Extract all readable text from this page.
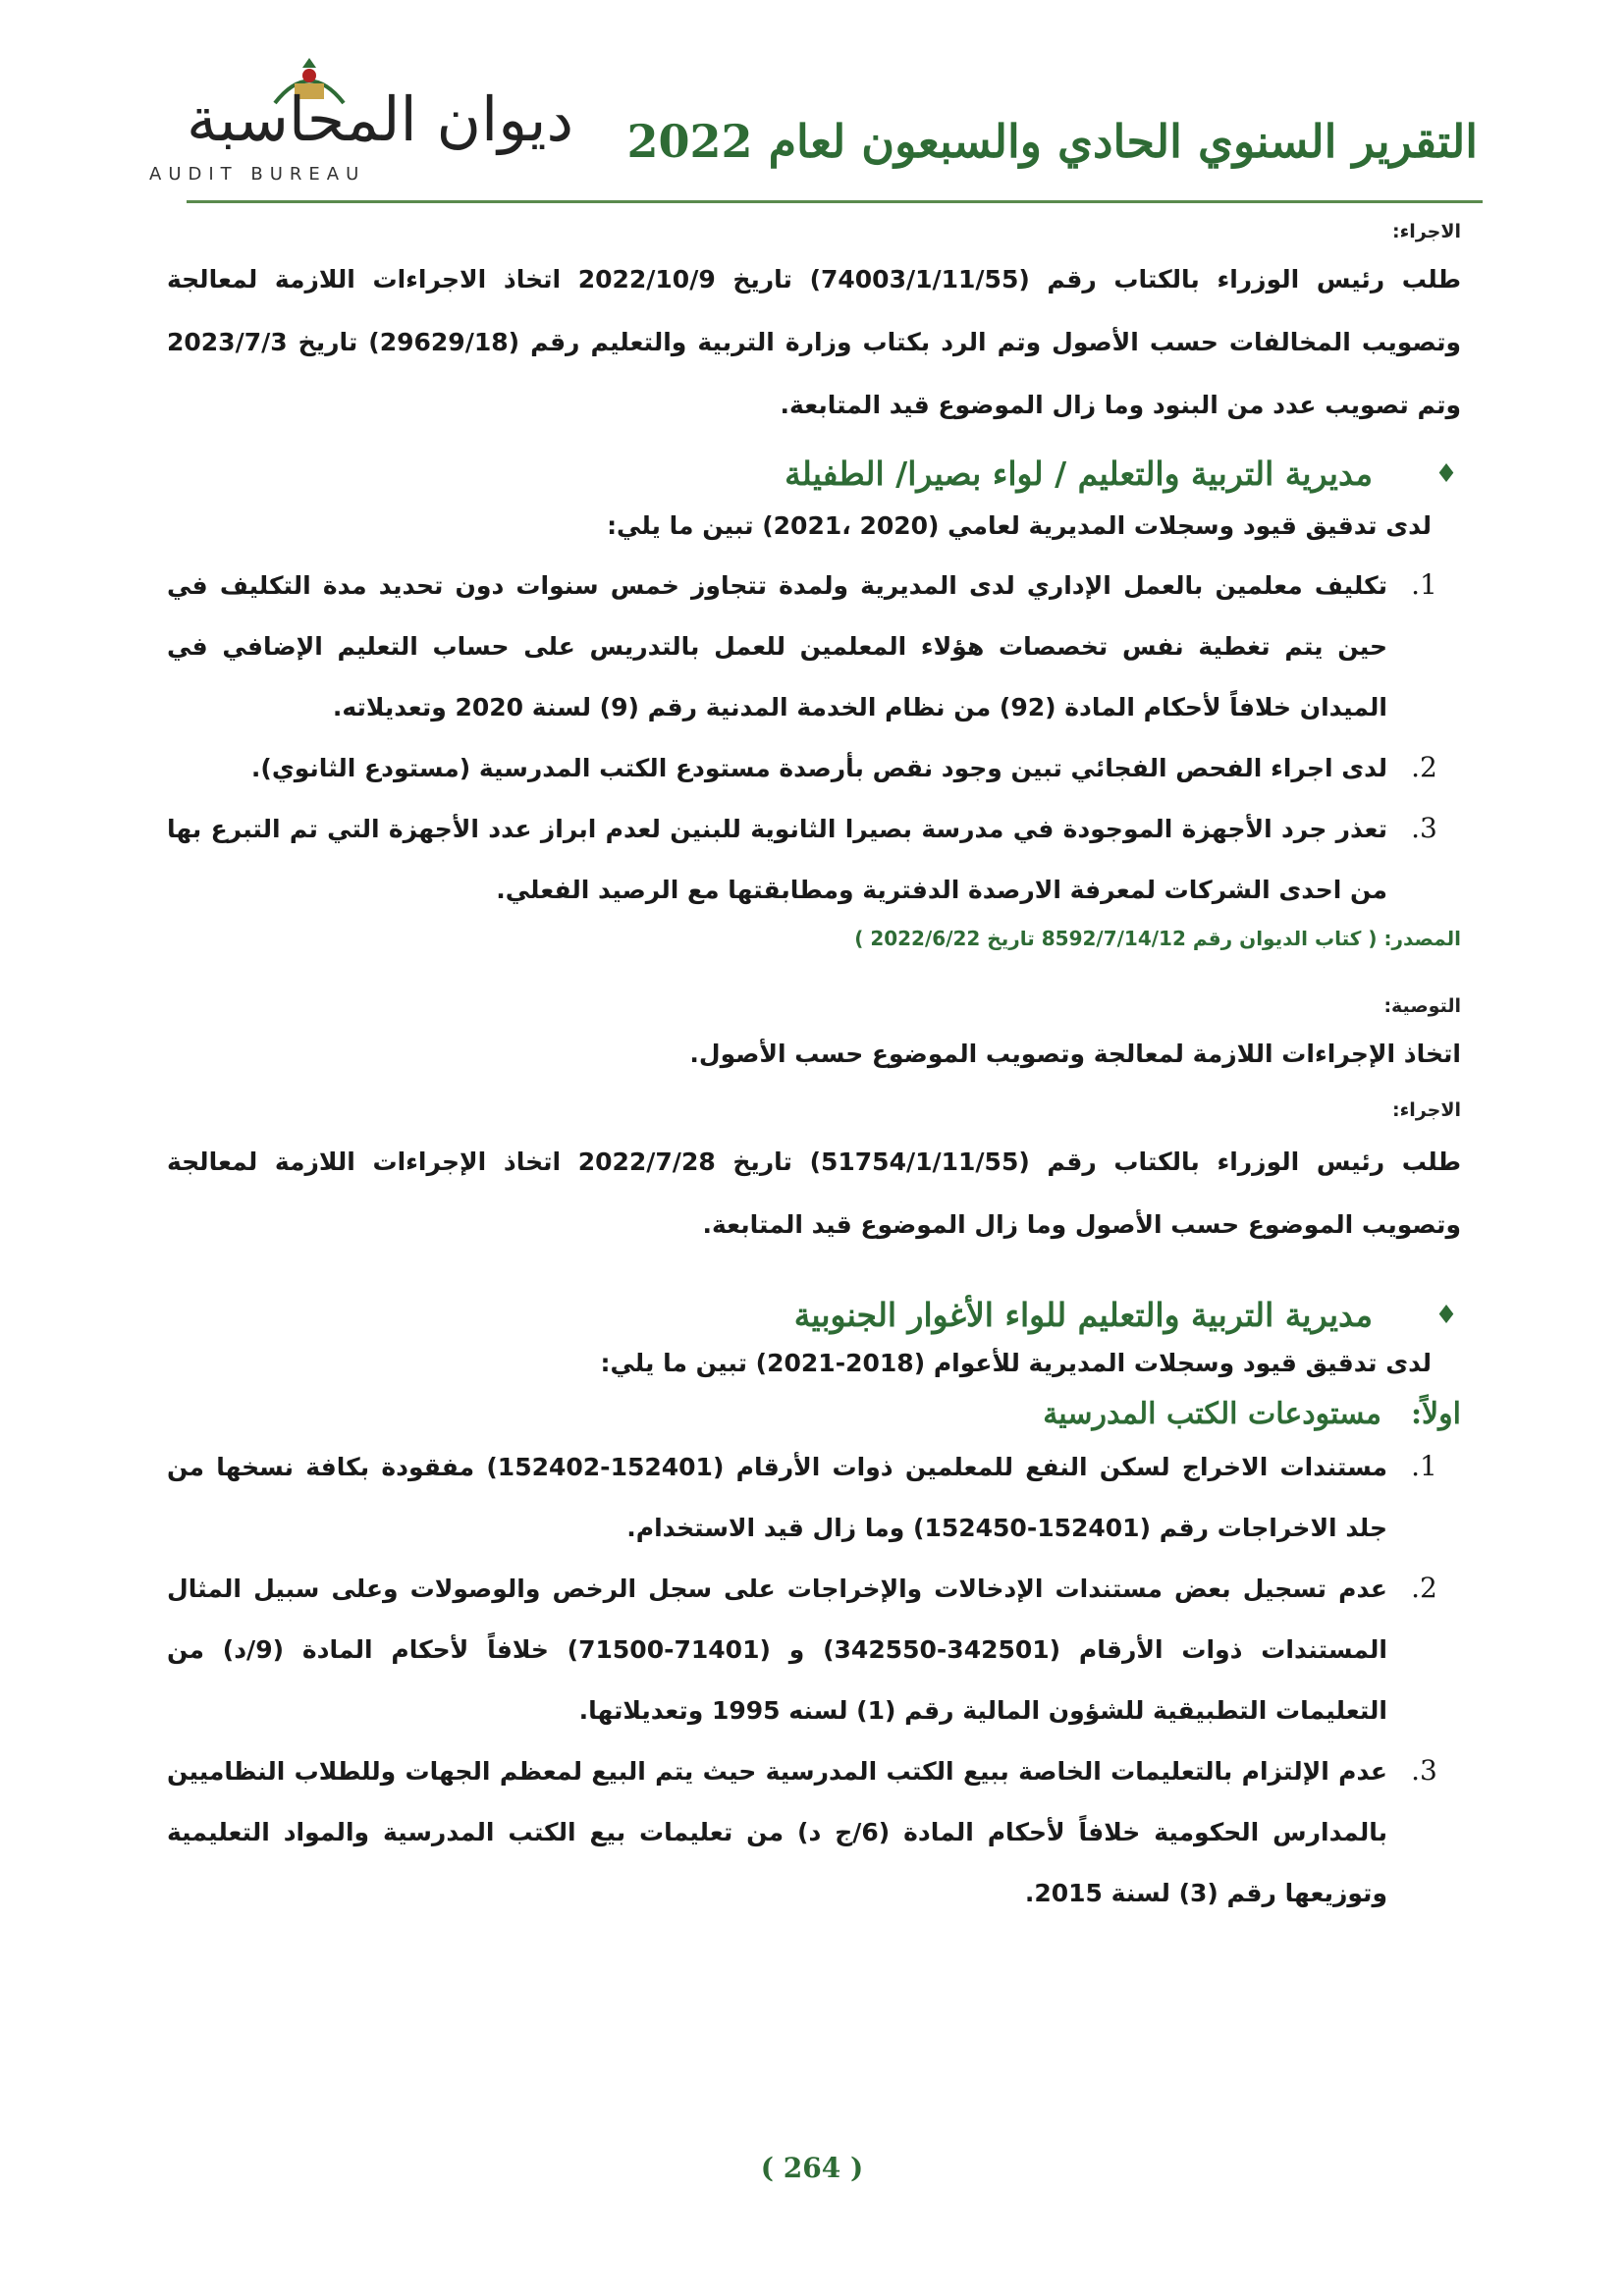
التقرير السنوي الحادي والسبعون لعام 2022
ديوان المحاسبة
AUDIT BUREAU

الاجراء:

طلب رئيس الوزراء بالكتاب رقم (74003/1/11/55) تاريخ 2022/10/9 اتخاذ الاجراءات اللازمة لمعالجة وتصويب المخالفات حسب الأصول وتم الرد بكتاب وزارة التربية والتعليم رقم (29629/18) تاريخ 2023/7/3 وتم تصويب عدد من البنود وما زال الموضوع قيد المتابعة.

♦
مديرية التربية والتعليم / لواء بصيرا/ الطفيلة

لدى تدقيق قيود وسجلات المديرية لعامي (2020 ،2021) تبين ما يلي:

1.
تكليف معلمين بالعمل الإداري لدى المديرية ولمدة تتجاوز خمس سنوات دون تحديد مدة التكليف في حين يتم تغطية نفس تخصصات هؤلاء المعلمين للعمل بالتدريس على حساب التعليم الإضافي في الميدان خلافاً لأحكام المادة (92) من نظام الخدمة المدنية رقم (9) لسنة 2020 وتعديلاته.
2.
لدى اجراء الفحص الفجائي تبين وجود نقص بأرصدة مستودع الكتب المدرسية (مستودع الثانوي).
3.
تعذر جرد الأجهزة الموجودة في مدرسة بصيرا الثانوية للبنين لعدم ابراز عدد الأجهزة التي تم التبرع بها من احدى الشركات لمعرفة الارصدة الدفترية ومطابقتها مع الرصيد الفعلي.

المصدر: ( كتاب الديوان رقم 8592/7/14/12 تاريخ 2022/6/22 )

التوصية:

اتخاذ الإجراءات اللازمة لمعالجة وتصويب الموضوع حسب الأصول.

الاجراء:

طلب رئيس الوزراء بالكتاب رقم (51754/1/11/55) تاريخ 2022/7/28 اتخاذ الإجراءات اللازمة لمعالجة وتصويب الموضوع حسب الأصول وما زال الموضوع قيد المتابعة.

♦
مديرية التربية والتعليم للواء الأغوار الجنوبية

لدى تدقيق قيود وسجلات المديرية للأعوام (2018-2021) تبين ما يلي:

اولاً:
مستودعات الكتب المدرسية
1.
مستندات الاخراج لسكن النفع للمعلمين ذوات الأرقام (152401-152402) مفقودة بكافة نسخها من جلد الاخراجات رقم (152401-152450) وما زال قيد الاستخدام.
2.
عدم تسجيل بعض مستندات الإدخالات والإخراجات على سجل الرخص والوصولات وعلى سبيل المثال المستندات ذوات الأرقام (342501-342550) و (71401-71500) خلافاً لأحكام المادة (9/د) من التعليمات التطبيقية للشؤون المالية رقم (1) لسنه 1995 وتعديلاتها.
3.
عدم الإلتزام بالتعليمات الخاصة ببيع الكتب المدرسية حيث يتم البيع لمعظم الجهات وللطلاب النظاميين بالمدارس الحكومية خلافاً لأحكام المادة (6/ج د) من تعليمات بيع الكتب المدرسية والمواد التعليمية وتوزيعها رقم (3) لسنة 2015.
( 264 )
